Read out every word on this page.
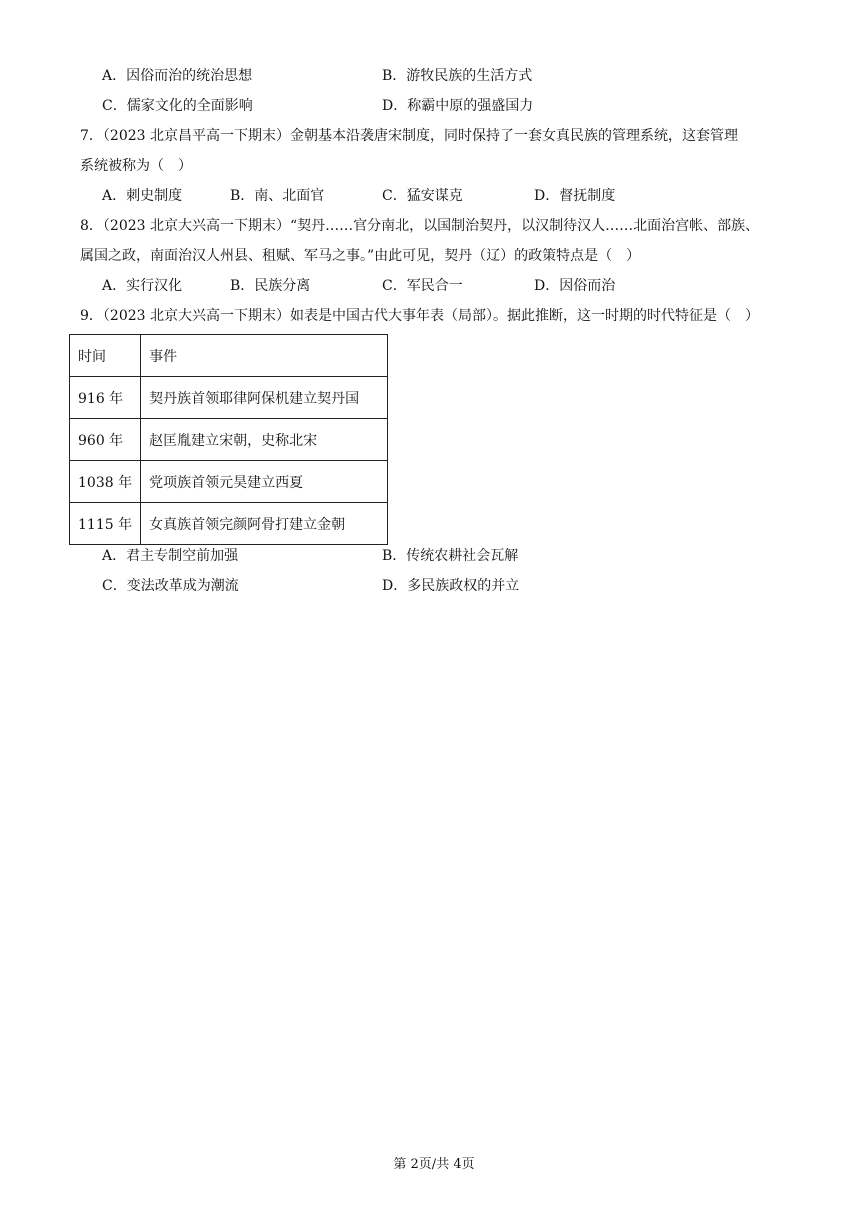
A．因俗而治的统治思想	B．游牧民族的生活方式
C．儒家文化的全面影响	D．称霸中原的强盛国力
7．（2023 北京昌平高一下期末）金朝基本沿袭唐宋制度，同时保持了一套女真民族的管理系统，这套管理
系统被称为（　）
A．刺史制度	B．南、北面官	C．猛安谋克	D．督抚制度
8．（2023 北京大兴高一下期末）“契丹……官分南北，以国制治契丹，以汉制待汉人……北面治宫帐、部族、
属国之政，南面治汉人州县、租赋、军马之事。”由此可见，契丹（辽）的政策特点是（　）
A．实行汉化	B．民族分离	C．军民合一	D．因俗而治
9．（2023 北京大兴高一下期末）如表是中国古代大事年表（局部）。据此推断，这一时期的时代特征是（　）
时间	事件
916 年	契丹族首领耶律阿保机建立契丹国
960 年	赵匡胤建立宋朝，史称北宋
1038 年	党项族首领元昊建立西夏
1115 年	女真族首领完颜阿骨打建立金朝
A．君主专制空前加强	B．传统农耕社会瓦解
C．变法改革成为潮流	D．多民族政权的并立
第 2页/共 4页
